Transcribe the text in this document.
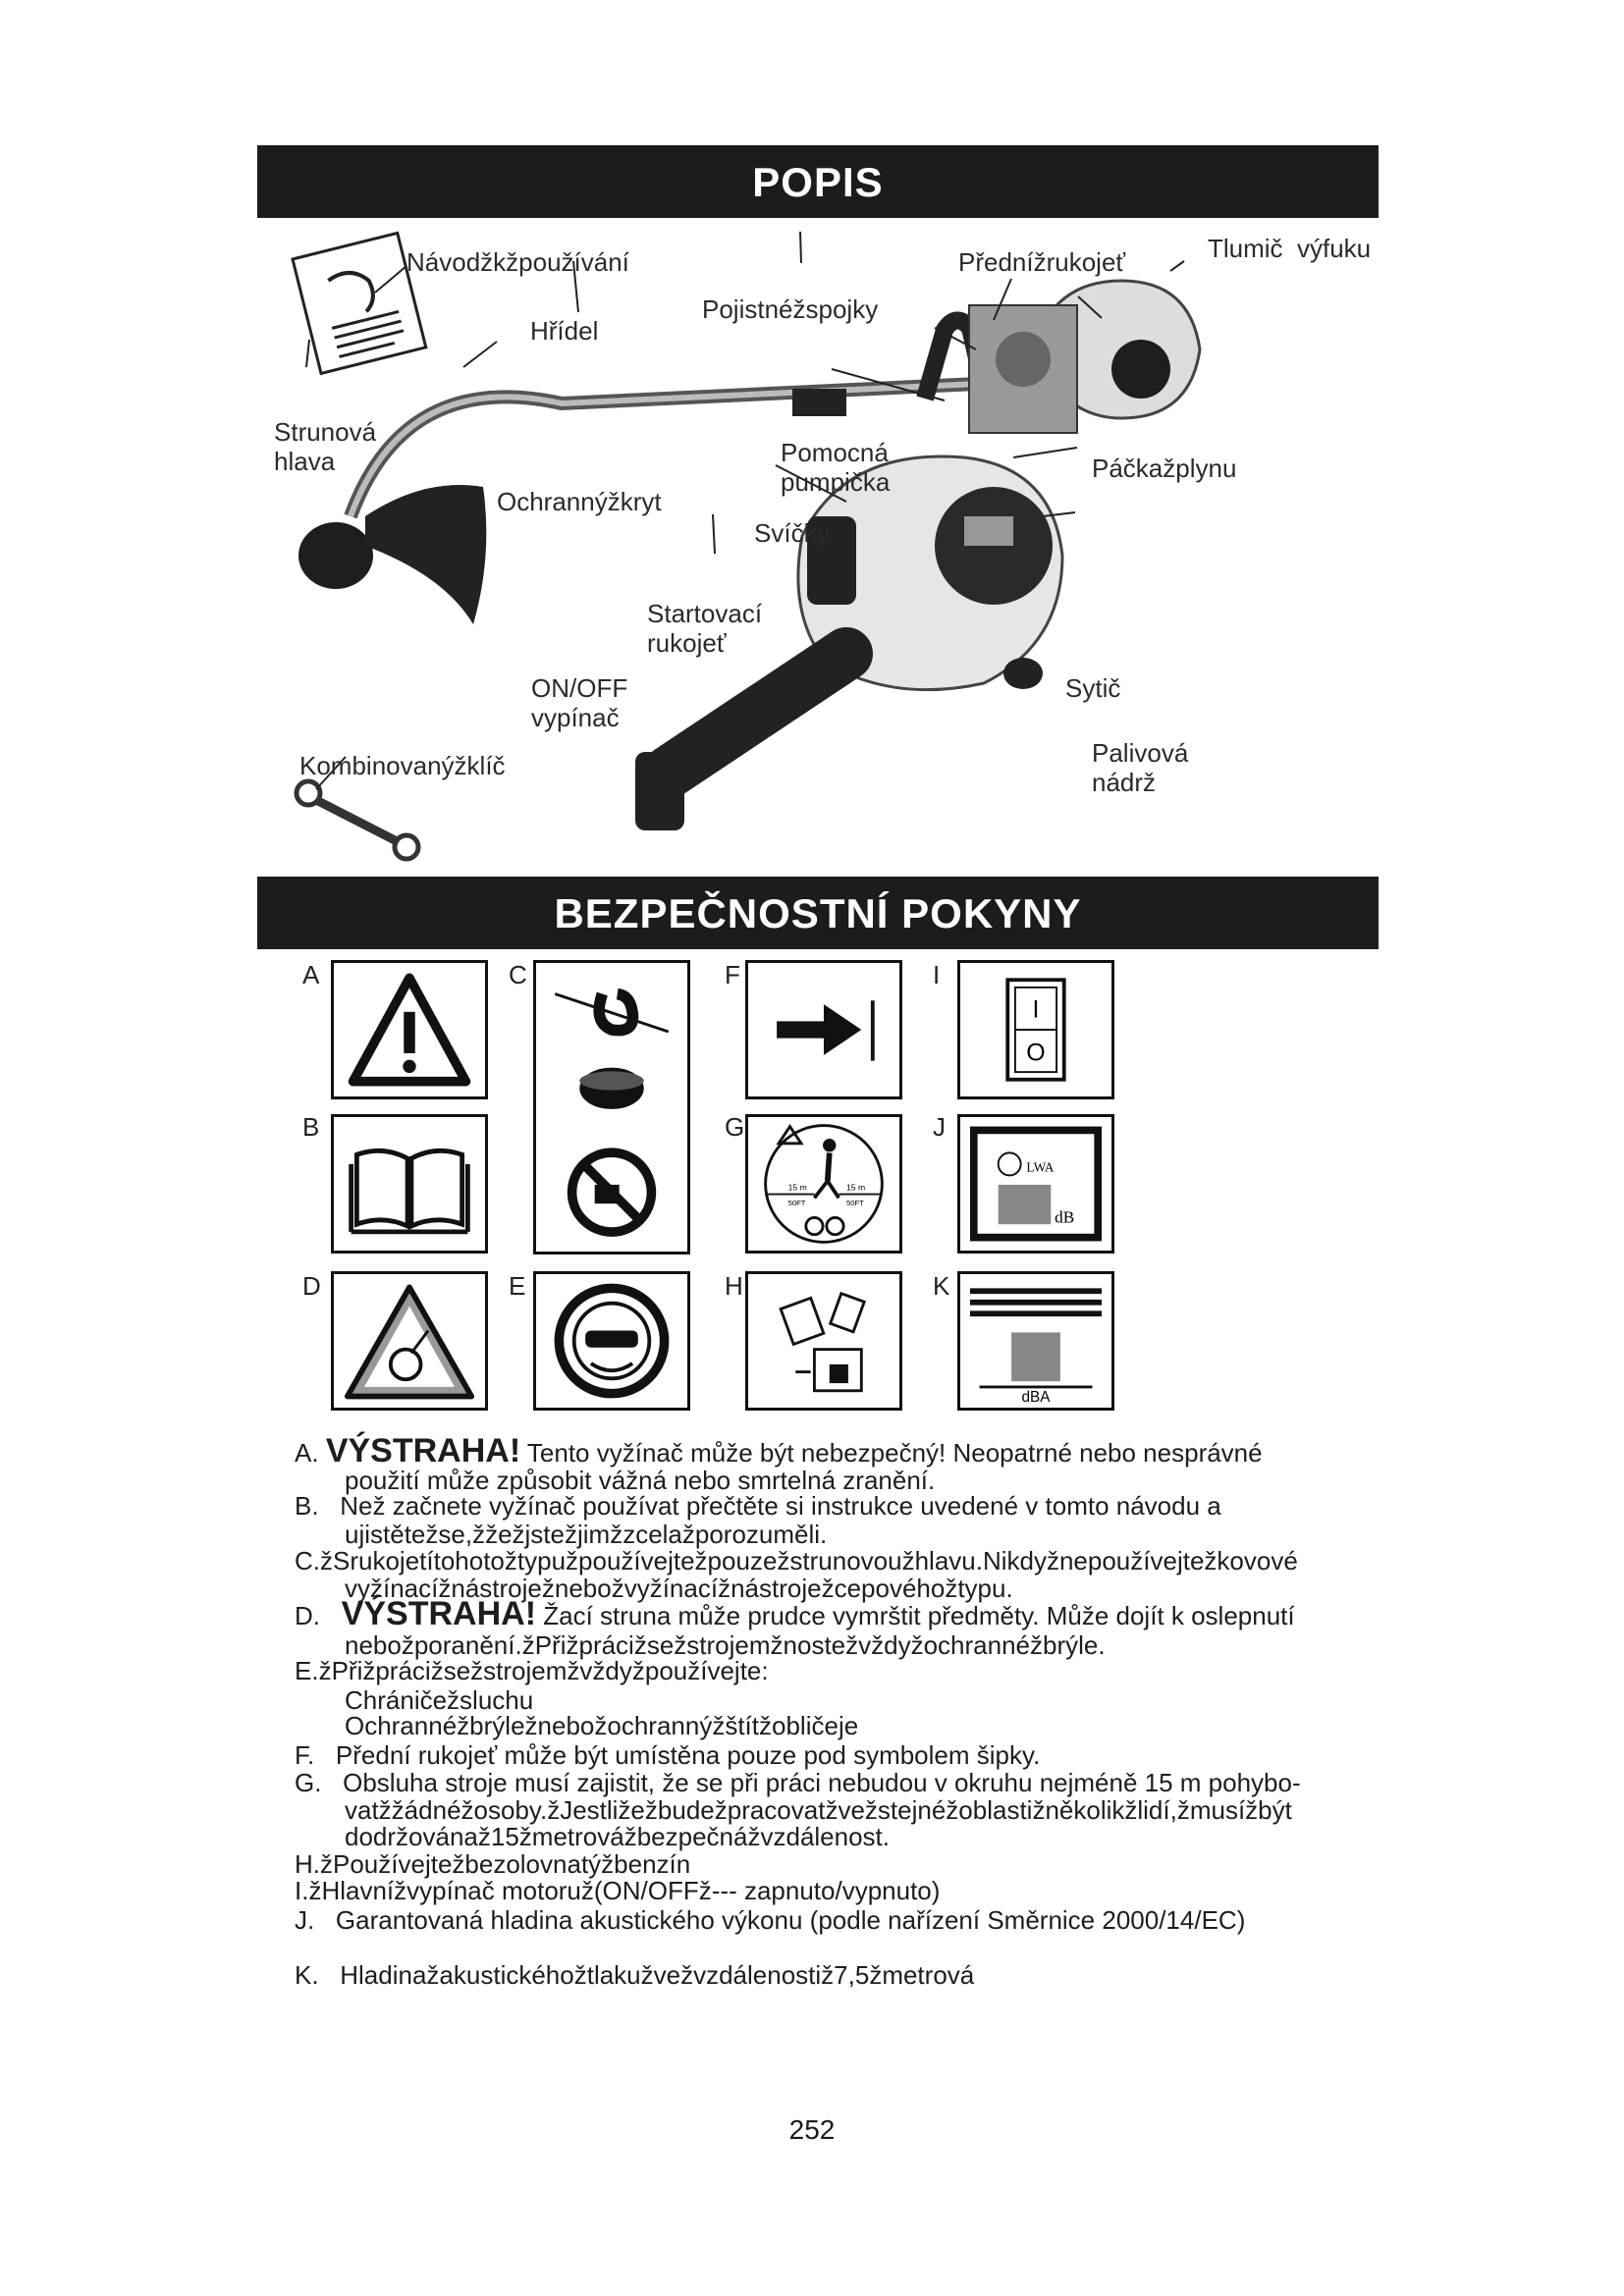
POPIS
Návodžkžpoužívání
Hřídel
Pojistnéžspojky
Přednížrukojeť	Tlumič  výfuku
Strunová
hlava
Ochrannýžkryt
Pomocná
pumpička	Páčkažplynu
Svíčky
Startovací
rukojeť
ON/OFF
vypínač
Sytič
Kombinovanýžklíč	Palivová
nádrž
BEZPEČNOSTNÍ POKYNY
A
B
C
D	E
F
G
H
I
J
K
15 m
50FT
15 m
50FT
I
O
LWA
dB
dBA
A. VÝSTRAHA! Tento vyžínač může být nebezpečný! Neopatrné nebo nesprávné
použití může způsobit vážná nebo smrtelná zranění.
B. Než začnete vyžínač používat přečtěte si instrukce uvedené v tomto návodu a
ujistětežse,žžežjstežjimžzcelažporozuměli.
C.žSrukojetítohotožtypužpoužívejtežpouzežstrunovoužhlavu.Nikdyžnepoužívejtežkovové
vyžínacížnástroježnebožvyžínacížnástroježcepovéhožtypu.
D. VÝSTRAHA! Žací struna může prudce vymrštit předměty. Může dojít k oslepnutí
nebožporanění.žPřižprácižsežstrojemžnostežvždyžochrannéžbrýle.
E.žPřižprácižsežstrojemžvždyžpoužívejte:
Chráničežsluchu
Ochrannéžbrýležnebožochrannýžštítžobličeje
F. Přední rukojeť může být umístěna pouze pod symbolem šipky.
G. Obsluha stroje musí zajistit, že se při práci nebudou v okruhu nejméně 15 m pohybo-
vatžžádnéžosoby.žJestližežbudežpracovatžvežstejnéžoblastižněkolikžlidí,žmusížbýt
dodržovánaž15žmetrovážbezpečnážvzdálenost.
H.žPoužívejtežbezolovnatýžbenzín
I.žHlavnížvypínač motoruž(ON/OFFž--- zapnuto/vypnuto)
J. Garantovaná hladina akustického výkonu (podle nařízení Směrnice 2000/14/EC)
K. Hladinažakustickéhožtlakužvežvzdálenostiž7,5žmetrová
252
